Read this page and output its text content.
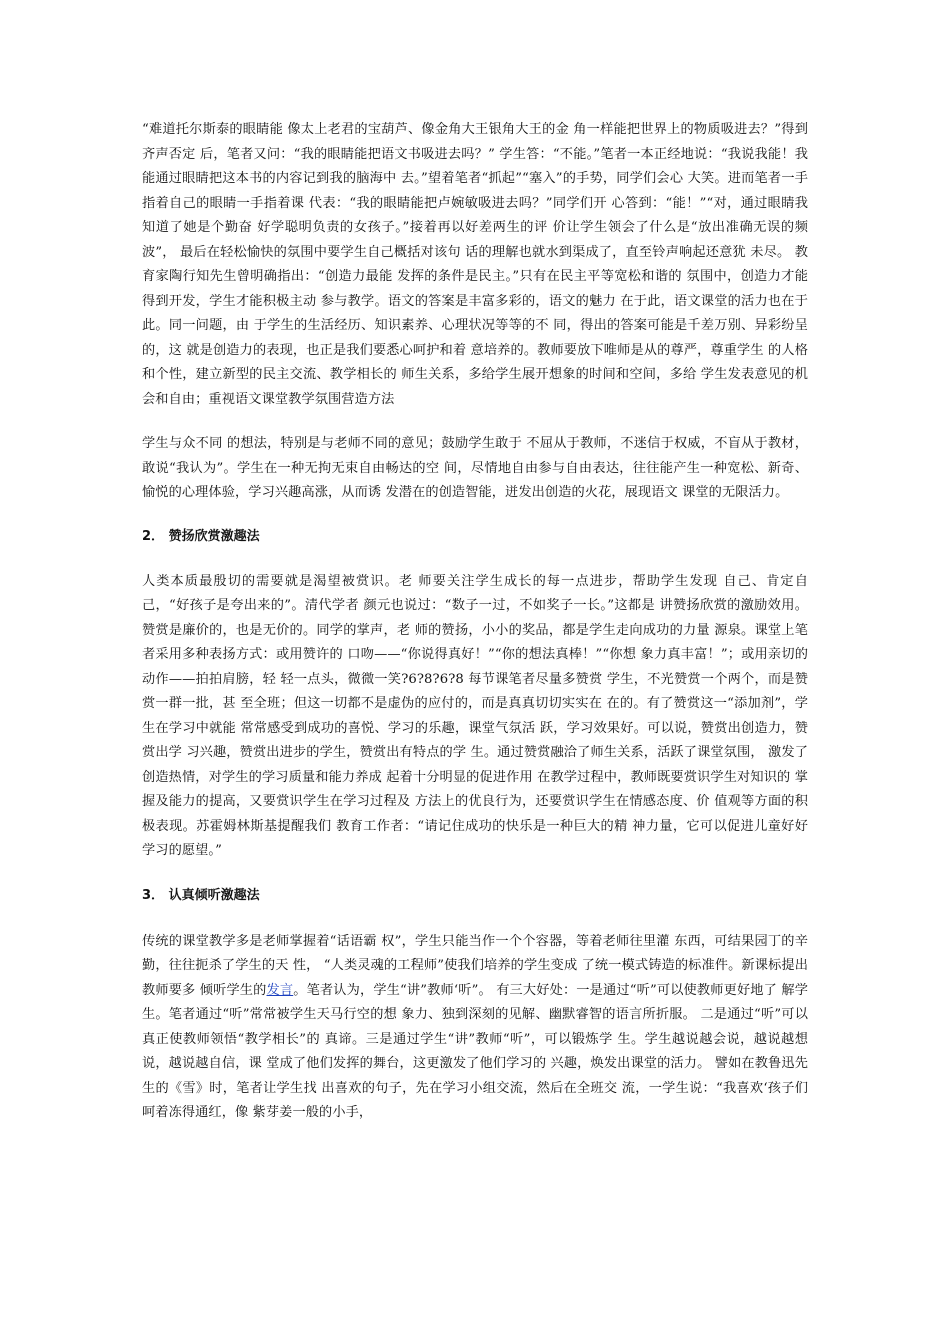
“难道托尔斯泰的眼睛能 像太上老君的宝葫芦、像金角大王银角大王的金 角一样能把世界上的物质吸进去？”得到齐声否定 后，笔者又问：“我的眼睛能把语文书吸进去吗？” 学生答：“不能。”笔者一本正经地说：“我说我能！我能通过眼睛把这本书的内容记到我的脑海中 去。”望着笔者“抓起”“塞入”的手势，同学们会心 大笑。进而笔者一手指着自己的眼睛一手指着课 代表：“我的眼睛能把卢婉敏吸进去吗？”同学们开 心答到：“能！”“对，通过眼睛我知道了她是个勤奋 好学聪明负责的女孩子。”接着再以好差两生的评 价让学生领会了什么是“放出准确无误的频波”， 最后在轻松愉快的氛围中要学生自己概括对该句 话的理解也就水到渠成了，直至铃声响起还意犹 未尽。 教育家陶行知先生曾明确指出：“创造力最能 发挥的条件是民主。”只有在民主平等宽松和谐的 氛围中，创造力才能得到开发，学生才能积极主动 参与教学。语文的答案是丰富多彩的，语文的魅力 在于此，语文课堂的活力也在于此。同一问题，由 于学生的生活经历、知识素养、心理状况等等的不 同，得出的答案可能是千差万别、异彩纷呈的，这 就是创造力的表现，也正是我们要悉心呵护和着 意培养的。教师要放下唯师是从的尊严，尊重学生 的人格和个性，建立新型的民主交流、教学相长的 师生关系，多给学生展开想象的时间和空间，多给 学生发表意见的机会和自由；重视语文课堂教学氛围营造方法

学生与众不同 的想法，特别是与老师不同的意见；鼓励学生敢于 不屈从于教师，不迷信于权威，不盲从于教材，敢说“我认为”。学生在一种无拘无束自由畅达的空 间，尽情地自由参与自由表达，往往能产生一种宽松、新奇、愉悦的心理体验，学习兴趣高涨，从而诱 发潜在的创造智能，迸发出创造的火花，展现语文 课堂的无限活力。

2． 赞扬欣赏激趣法

人类本质最殷切的需要就是渴望被赏识。老 师要关注学生成长的每一点进步，帮助学生发现 自己、肯定自己，“好孩子是夸出来的”。清代学者 颜元也说过：“数子一过，不如奖子一长。”这都是 讲赞扬欣赏的激励效用。 赞赏是廉价的，也是无价的。同学的掌声，老 师的赞扬，小小的奖品，都是学生走向成功的力量 源泉。课堂上笔者采用多种表扬方式：或用赞许的 口吻——“你说得真好！”“你的想法真棒！”“你想 象力真丰富！”；或用亲切的动作——拍拍肩膀，轻 轻一点头，微微一笑?6?8?6?8 每节课笔者尽量多赞赏 学生，不光赞赏一个两个，而是赞赏一群一批，甚 至全班；但这一切都不是虚伪的应付的，而是真真切切实实在 在的。有了赞赏这一“添加剂”，学生在学习中就能 常常感受到成功的喜悦、学习的乐趣，课堂气氛活 跃，学习效果好。可以说，赞赏出创造力，赞赏出学 习兴趣，赞赏出进步的学生，赞赏出有特点的学 生。通过赞赏融洽了师生关系，活跃了课堂氛围， 激发了创造热情，对学生的学习质量和能力养成 起着十分明显的促进作用 在教学过程中，教师既要赏识学生对知识的 掌握及能力的提高，又要赏识学生在学习过程及 方法上的优良行为，还要赏识学生在情感态度、价 值观等方面的积极表现。苏霍姆林斯基提醒我们 教育工作者：“请记住成功的快乐是一种巨大的精 神力量，它可以促进儿童好好学习的愿望。”

3． 认真倾听激趣法

传统的课堂教学多是老师掌握着“话语霸 权”，学生只能当作一个个容器，等着老师往里灌 东西，可结果园丁的辛勤，往往扼杀了学生的天 性， “人类灵魂的工程师”使我们培养的学生变成 了统一模式铸造的标准件。新课标提出教师要多 倾听学生的发言。笔者认为，学生“讲”教师‘听”。 有三大好处：一是通过“听”可以使教师更好地了 解学生。笔者通过“听”常常被学生天马行空的想 象力、独到深刻的见解、幽默睿智的语言所折服。 二是通过“听”可以真正使教师领悟“教学相长”的 真谛。三是通过学生“讲”教师“听”，可以锻炼学 生。学生越说越会说，越说越想说，越说越自信，课 堂成了他们发挥的舞台，这更激发了他们学习的 兴趣，焕发出课堂的活力。 譬如在教鲁迅先生的《雪》时，笔者让学生找 出喜欢的句子，先在学习小组交流，然后在全班交 流，一学生说：“我喜欢‘孩子们呵着冻得通红，像 紫芽姜一般的小手，
